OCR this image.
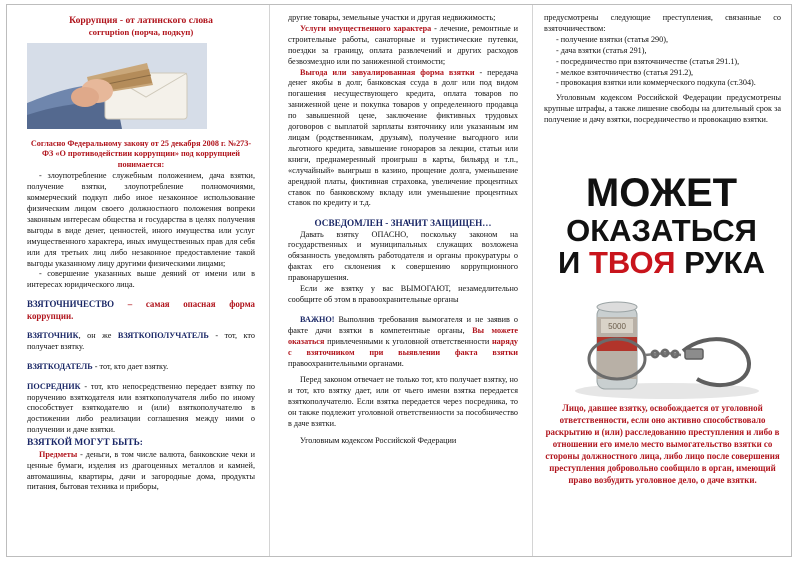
Коррупция - от латинского слова

corruption (порча, подкуп)

Согласно Федеральному закону от 25 декабря 2008 г. №273-ФЗ «О противодействии коррупции» под коррупцией понимается:

- злоупотребление служебным положением, дача взятки, получение взятки, злоупотребление полномочиями, коммерческий подкуп либо иное незаконное использование физическим лицом своего должностного положения вопреки законным интересам общества и государства в целях получения выгоды в виде денег, ценностей, иного имущества или услуг имущественного характера, иных имущественных прав для себя или для третьих лиц либо незаконное предоставление такой выгоды указанному лицу другими физическими лицами;

- совершение указанных выше деяний от имени или в интересах юридического лица.

ВЗЯТОЧНИЧЕСТВО – самая опасная форма коррупции.

ВЗЯТОЧНИК, он же ВЗЯТКОПОЛУЧАТЕЛЬ - тот, кто получает взятку.

ВЗЯТКОДАТЕЛЬ - тот, кто дает взятку.

ПОСРЕДНИК - тот, кто непосредственно передает взятку по поручению взяткодателя или взяткополучателя либо по иному способствует взяткодателю и (или) взяткополучателю в достижении либо реализации соглашения между ними о получении и даче взятки.

ВЗЯТКОЙ МОГУТ БЫТЬ:

Предметы - деньги, в том числе валюта, банковские чеки и ценные бумаги, изделия из драгоценных металлов и камней, автомашины, квартиры, дачи и загородные дома, продукты питания, бытовая техника и приборы,

другие товары, земельные участки и другая недвижимость;

Услуги имущественного характера - лечение, ремонтные и строительные работы, санаторные и туристические путевки, поездки за границу, оплата развлечений и других расходов безвозмездно или по заниженной стоимости;

Выгода или завуалированная форма взятки - передача денег якобы в долг, банковская ссуда в долг или под видом погашения несуществующего кредита, оплата товаров по заниженной цене и покупка товаров у определенного продавца по завышенной цене, заключение фиктивных трудовых договоров с выплатой зарплаты взяточнику или указанным им лицам (родственникам, друзьям), получение выгодного или льготного кредита, завышение гонораров за лекции, статьи или книги, преднамеренный проигрыш в карты, бильярд и т.п., «случайный» выигрыш в казино, прощение долга, уменьшение арендной платы, фиктивная страховка, увеличение процентных ставок по банковскому вкладу или уменьшение процентных ставок по кредиту и т.д.

ОСВЕДОМЛЕН - ЗНАЧИТ ЗАЩИЩЕН…

Давать взятку ОПАСНО, поскольку законом на государственных и муниципальных служащих возложена обязанность уведомлять работодателя и органы прокуратуры о фактах его склонения к совершению коррупционного правонарушения.

Если же взятку у вас ВЫМОГАЮТ, незамедлительно сообщите об этом в правоохранительные органы

ВАЖНО! Выполнив требования вымогателя и не заявив о факте дачи взятки в компетентные органы, Вы можете оказаться привлеченными к уголовной ответственности наряду с взяточником при выявлении факта взятки правоохранительными органами.

Перед законом отвечает не только тот, кто получает взятку, но и тот, кто взятку дает, или от чьего имени взятка передается взяткополучателю. Если взятка передается через посредника, то он также подлежит уголовной ответственности за пособничество в даче взятки.

Уголовным кодексом Российской Федерации

предусмотрены следующие преступления, связанные со взяточничеством:

- получение взятки (статья 290),
- дача взятки (статья 291),
- посредничество при взяточничестве (статья 291.1),
- мелкое взяточничество (статья 291.2),
- провокация взятки или коммерческого подкупа (ст.304).

Уголовным кодексом Российской Федерации предусмотрены крупные штрафы, а также лишение свободы на длительный срок за получение и дачу взятки, посредничество и провокацию взятки.

МОЖЕТ

ОКАЗАТЬСЯ

И ТВОЯ РУКА

5000

Лицо, давшее взятку, освобождается от уголовной ответственности, если оно активно способствовало раскрытию и (или) расследованию преступления и либо в отношении его имело место вымогательство взятки со стороны должностного лица, либо лицо после совершения преступления добровольно сообщило в орган, имеющий право возбудить уголовное дело, о даче взятки.
